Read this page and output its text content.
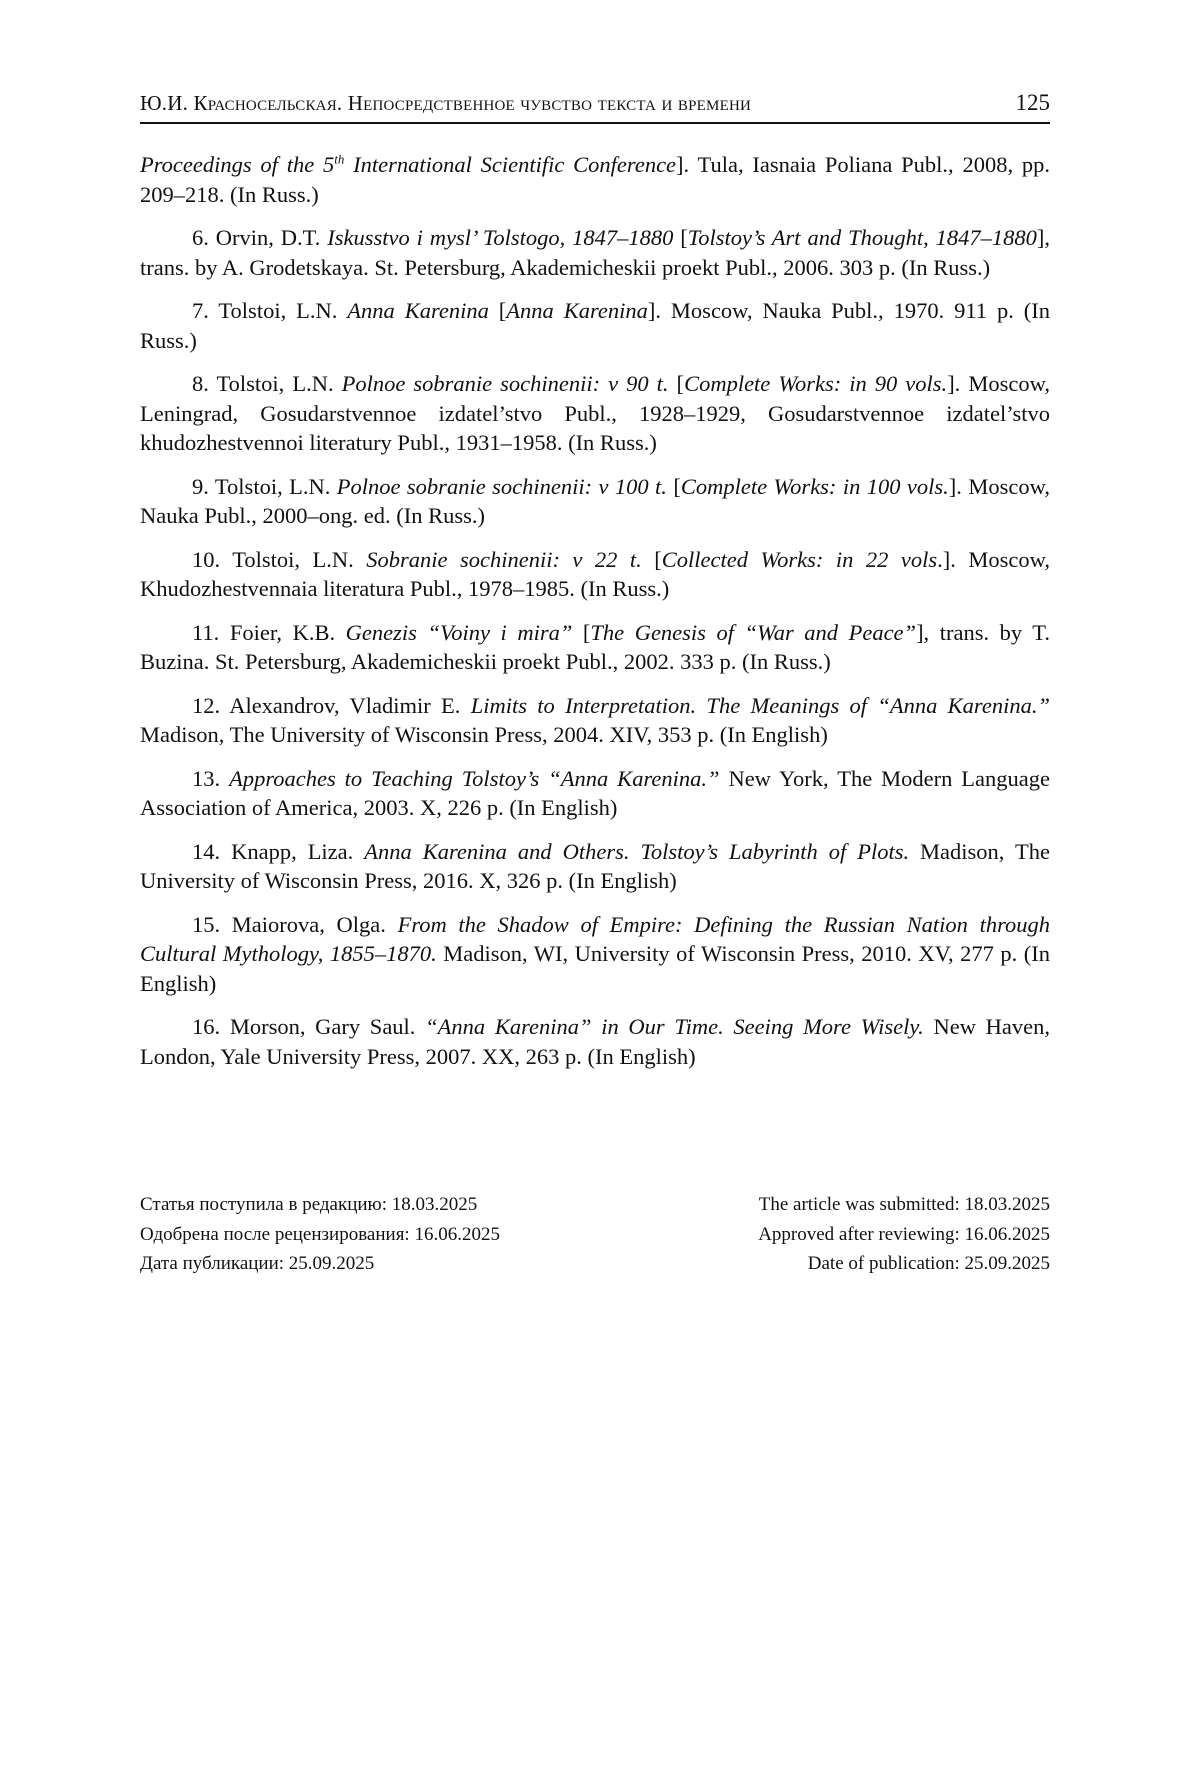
Ю.И. Красносельская. Непосредственное чувство текста и времени	125

Proceedings of the 5th International Scientific Conference]. Tula, Iasnaia Poliana Publ., 2008, pp. 209–218. (In Russ.)

6. Orvin, D.T. Iskusstvo i mysl’ Tolstogo, 1847–1880 [Tolstoy’s Art and Thought, 1847–1880], trans. by A. Grodetskaya. St. Petersburg, Akademicheskii proekt Publ., 2006. 303 p. (In Russ.)

7. Tolstoi, L.N. Anna Karenina [Anna Karenina]. Moscow, Nauka Publ., 1970. 911 p. (In Russ.)

8. Tolstoi, L.N. Polnoe sobranie sochinenii: v 90 t. [Complete Works: in 90 vols.]. Moscow, Leningrad, Gosudarstvennoe izdatel’stvo Publ., 1928–1929, Gosudarstvennoe izdatel’stvo khudozhestvennoi literatury Publ., 1931–1958. (In Russ.)

9. Tolstoi, L.N. Polnoe sobranie sochinenii: v 100 t. [Complete Works: in 100 vols.]. Moscow, Nauka Publ., 2000–ong. ed. (In Russ.)

10. Tolstoi, L.N. Sobranie sochinenii: v 22 t. [Collected Works: in 22 vols.]. Moscow, Khudozhestvennaia literatura Publ., 1978–1985. (In Russ.)

11. Foier, K.B. Genezis “Voiny i mira” [The Genesis of “War and Peace”], trans. by T. Buzina. St. Petersburg, Akademicheskii proekt Publ., 2002. 333 p. (In Russ.)

12. Alexandrov, Vladimir E. Limits to Interpretation. The Meanings of “Anna Karenina.” Madison, The University of Wisconsin Press, 2004. XIV, 353 p. (In English)

13. Approaches to Teaching Tolstoy’s “Anna Karenina.” New York, The Modern Language Association of America, 2003. X, 226 p. (In English)

14. Knapp, Liza. Anna Karenina and Others. Tolstoy’s Labyrinth of Plots. Madison, The University of Wisconsin Press, 2016. X, 326 p. (In English)

15. Maiorova, Olga. From the Shadow of Empire: Defining the Russian Nation through Cultural Mythology, 1855–1870. Madison, WI, University of Wisconsin Press, 2010. XV, 277 p. (In English)

16. Morson, Gary Saul. “Anna Karenina” in Our Time. Seeing More Wisely. New Haven, London, Yale University Press, 2007. XX, 263 p. (In English)

Статья поступила в редакцию: 18.03.2025
Одобрена после рецензирования: 16.06.2025
Дата публикации: 25.09.2025
The article was submitted: 18.03.2025
Approved after reviewing: 16.06.2025
Date of publication: 25.09.2025
